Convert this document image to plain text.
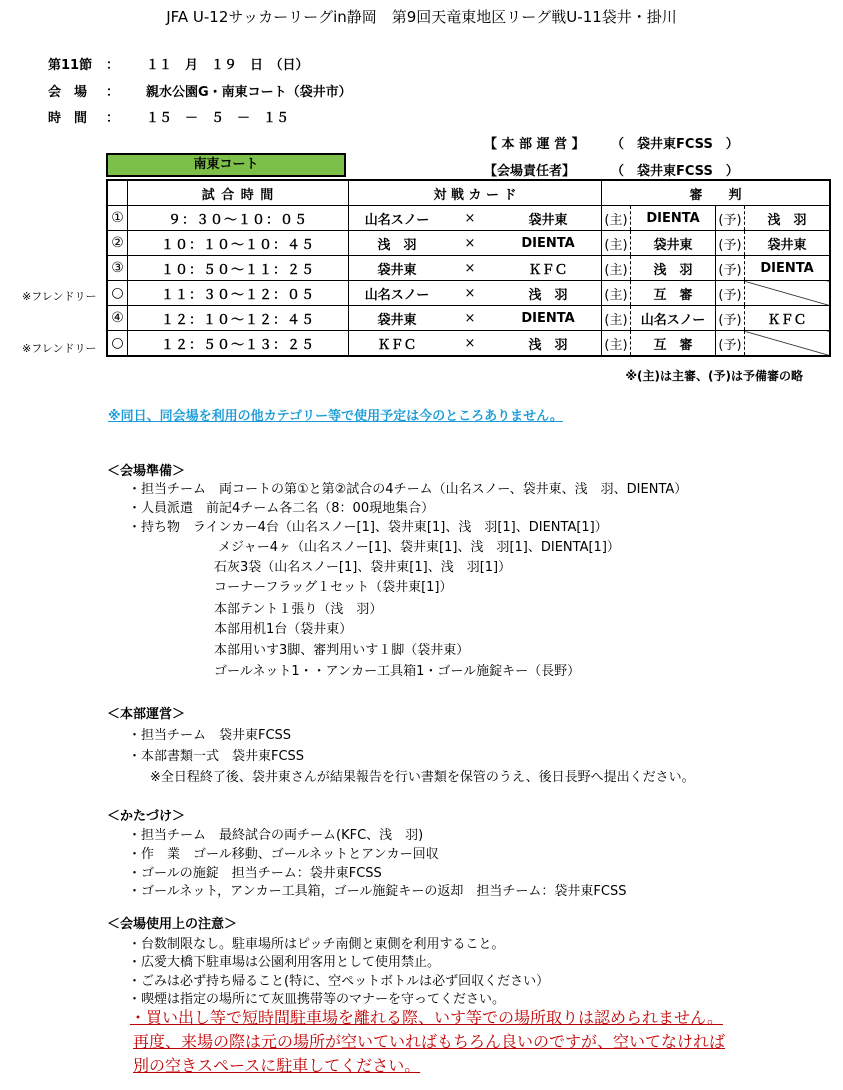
JFA U-12サッカーリーグin静岡　第9回天竜東地区リーグ戦U-11袋井・掛川
第11節 ： １１　月　１９　日　（日）
会　場 ： 親水公園G・南東コート（袋井市）
時　間 ： １５　－　５　－　１５
【 本 部 運 営 】 （　袋井東FCSS　）
【会場責任者】	（　袋井東FCSS　）
南東コート
	試 合 時 間	対 戦 カ ー ド	審　　判			
①	９：３０〜１０：０５	山名スノー × 袋井東	(主)	DIENTA	(予)	浅　羽
②	１０：１０〜１０：４５	浅　羽 × DIENTA	(主)	袋井東	(予)	袋井東
③	１０：５０〜１１：２５	袋井東 × ＫＦＣ	(主)	浅　羽	(予)	DIENTA
○	１１：３０〜１２：０５	山名スノー × 浅　羽	(主)	互　審	(予)	
④	１２：１０〜１２：４５	袋井東 × DIENTA	(主)	山名スノー	(予)	ＫＦＣ
○	１２：５０〜１３：２５	ＫＦＣ × 浅　羽	(主)	互　審	(予)	
※(主)は主審、(予)は予備審の略
※同日、同会場を利用の他カテゴリー等で使用予定は今のところありません。
＜会場準備＞
・担当チーム　両コートの第①と第②試合の4チーム（山名スノー、袋井東、浅　羽、DIENTA）
・人員派遣　前記4チーム各二名（8：00現地集合）
・持ち物　ラインカー4台（山名スノー[1]、袋井東[1]、浅　羽[1]、DIENTA[1]）
メジャー4ヶ（山名スノー[1]、袋井東[1]、浅　羽[1]、DIENTA[1]）
石灰3袋（山名スノー[1]、袋井東[1]、浅　羽[1]）
コーナーフラッグ１セット（袋井東[1]）
本部テント１張り（浅　羽）
本部用机1台（袋井東）
本部用いす3脚、審判用いす１脚（袋井東）
ゴールネット1・・アンカー工具箱1・ゴール施錠キー（長野）
＜本部運営＞
・担当チーム　袋井東FCSS
・本部書類一式　袋井東FCSS
※全日程終了後、袋井東さんが結果報告を行い書類を保管のうえ、後日長野へ提出ください。
＜かたづけ＞
・担当チーム　最終試合の両チーム(KFC、浅　羽)
・作　業　ゴール移動、ゴールネットとアンカー回収
・ゴールの施錠　担当チーム：袋井東FCSS
・ゴールネット，アンカー工具箱，ゴール施錠キーの返却　担当チーム：袋井東FCSS
＜会場使用上の注意＞
・台数制限なし。駐車場所はピッチ南側と東側を利用すること。
・広愛大橋下駐車場は公園利用客用として使用禁止。
・ごみは必ず持ち帰ること(特に、空ペットボトルは必ず回収ください）
・喫煙は指定の場所にて灰皿携帯等のマナーを守ってください。
・買い出し等で短時間駐車場を離れる際、いす等での場所取りは認められません。
再度、来場の際は元の場所が空いていればもちろん良いのですが、空いてなければ
別の空きスペースに駐車してください。
※フレンドリー
※フレンドリー
